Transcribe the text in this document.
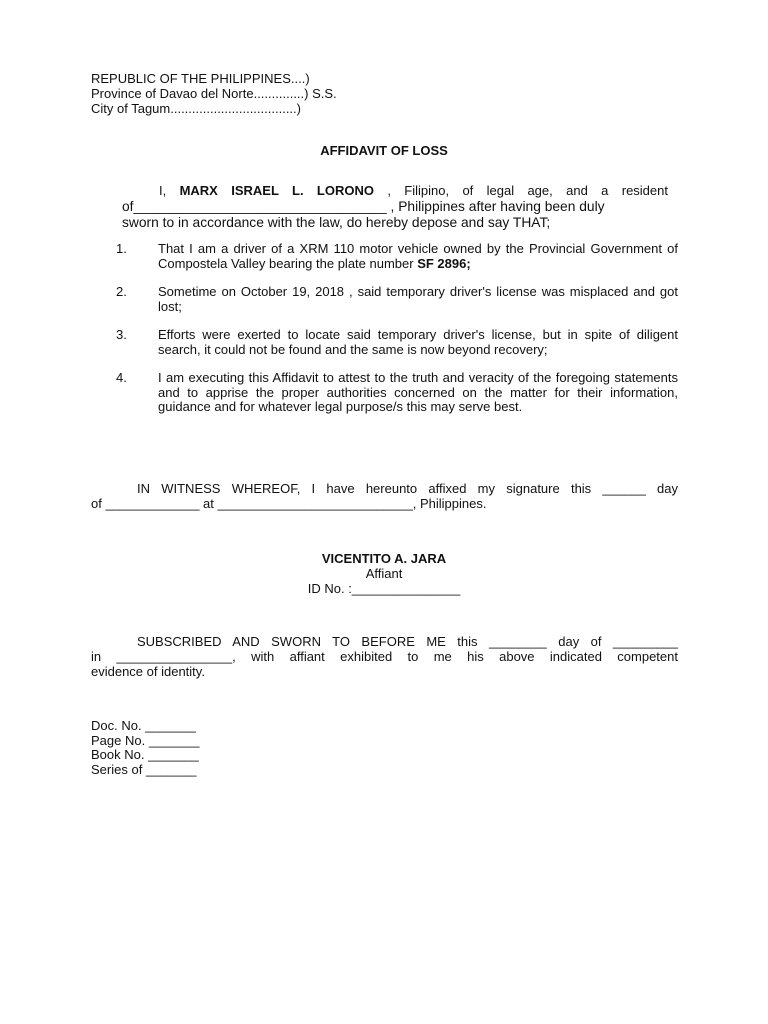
REPUBLIC OF THE PHILIPPINES....)
Province of Davao del Norte..............) S.S.
City of Tagum...................................)
AFFIDAVIT OF LOSS
I, MARX ISRAEL L. LORONO , Filipino, of legal age, and a resident
of_________________________________ , Philippines after having been duly
sworn to in accordance with the law, do hereby depose and say THAT;
1.	That I am a driver of a XRM 110 motor vehicle owned by the Provincial Government of Compostela Valley bearing the plate number SF 2896;
2.	Sometime on October 19, 2018 , said temporary driver's license was misplaced and got lost;
3.	Efforts were exerted to locate said temporary driver's license, but in spite of diligent search, it could not be found and the same is now beyond recovery;
4.	I am executing this Affidavit to attest to the truth and veracity of the foregoing statements and to apprise the proper authorities concerned on the matter for their information, guidance and for whatever legal purpose/s this may serve best.
IN WITNESS WHEREOF, I have hereunto affixed my signature this ______ day
of _____________ at ___________________________, Philippines.
VICENTITO A. JARA
Affiant
ID No. :_______________
SUBSCRIBED AND SWORN TO BEFORE ME this ________ day of _________
in ________________, with affiant exhibited to me his above indicated competent
evidence of identity.
Doc. No. _______
Page No. _______
Book No. _______
Series of _______
